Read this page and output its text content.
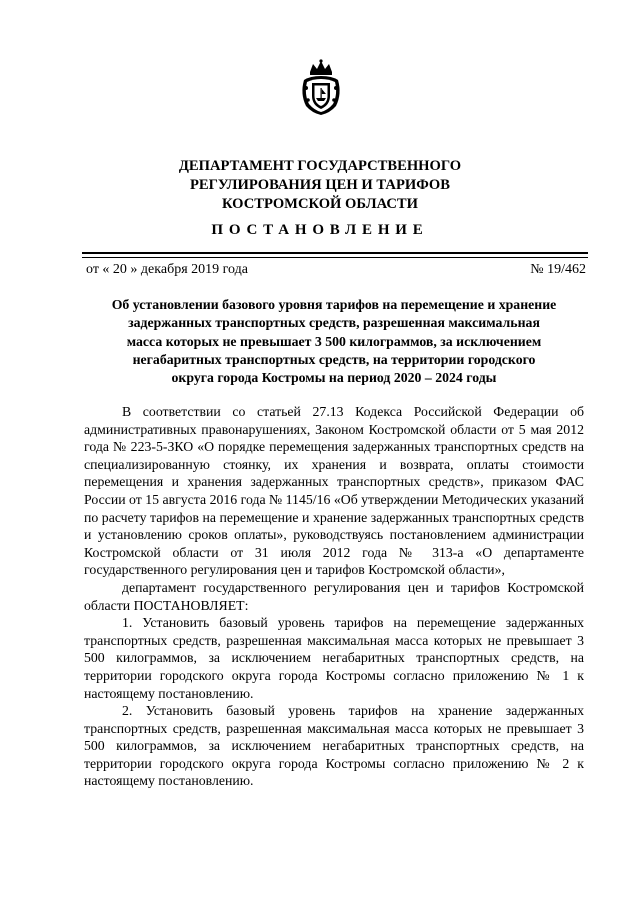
ДЕПАРТАМЕНТ ГОСУДАРСТВЕННОГО
РЕГУЛИРОВАНИЯ ЦЕН И ТАРИФОВ
КОСТРОМСКОЙ ОБЛАСТИ
ПОСТАНОВЛЕНИЕ
от « 20 » декабря 2019 года	№ 19/462
Об установлении базового уровня тарифов на перемещение и хранение
задержанных транспортных средств, разрешенная максимальная
масса которых не превышает 3 500 килограммов, за исключением
негабаритных транспортных средств, на территории городского
округа города Костромы на период 2020 – 2024 годы

В соответствии со статьей 27.13 Кодекса Российской Федерации об административных правонарушениях, Законом Костромской области от 5 мая 2012 года № 223-5-ЗКО «О порядке перемещения задержанных транспортных средств на специализированную стоянку, их хранения и возврата, оплаты стоимости перемещения и хранения задержанных транспортных средств», приказом ФАС России от 15 августа 2016 года № 1145/16 «Об утверждении Методических указаний по расчету тарифов на перемещение и хранение задержанных транспортных средств и установлению сроков оплаты», руководствуясь постановлением администрации Костромской области от 31 июля 2012 года № 313-а «О департаменте государственного регулирования цен и тарифов Костромской области»,

департамент государственного регулирования цен и тарифов Костромской области ПОСТАНОВЛЯЕТ:

1. Установить базовый уровень тарифов на перемещение задержанных транспортных средств, разрешенная максимальная масса которых не превышает 3 500 килограммов, за исключением негабаритных транспортных средств, на территории городского округа города Костромы согласно приложению № 1 к настоящему постановлению.

2. Установить базовый уровень тарифов на хранение задержанных транспортных средств, разрешенная максимальная масса которых не превышает 3 500 килограммов, за исключением негабаритных транспортных средств, на территории городского округа города Костромы согласно приложению № 2 к настоящему постановлению.
